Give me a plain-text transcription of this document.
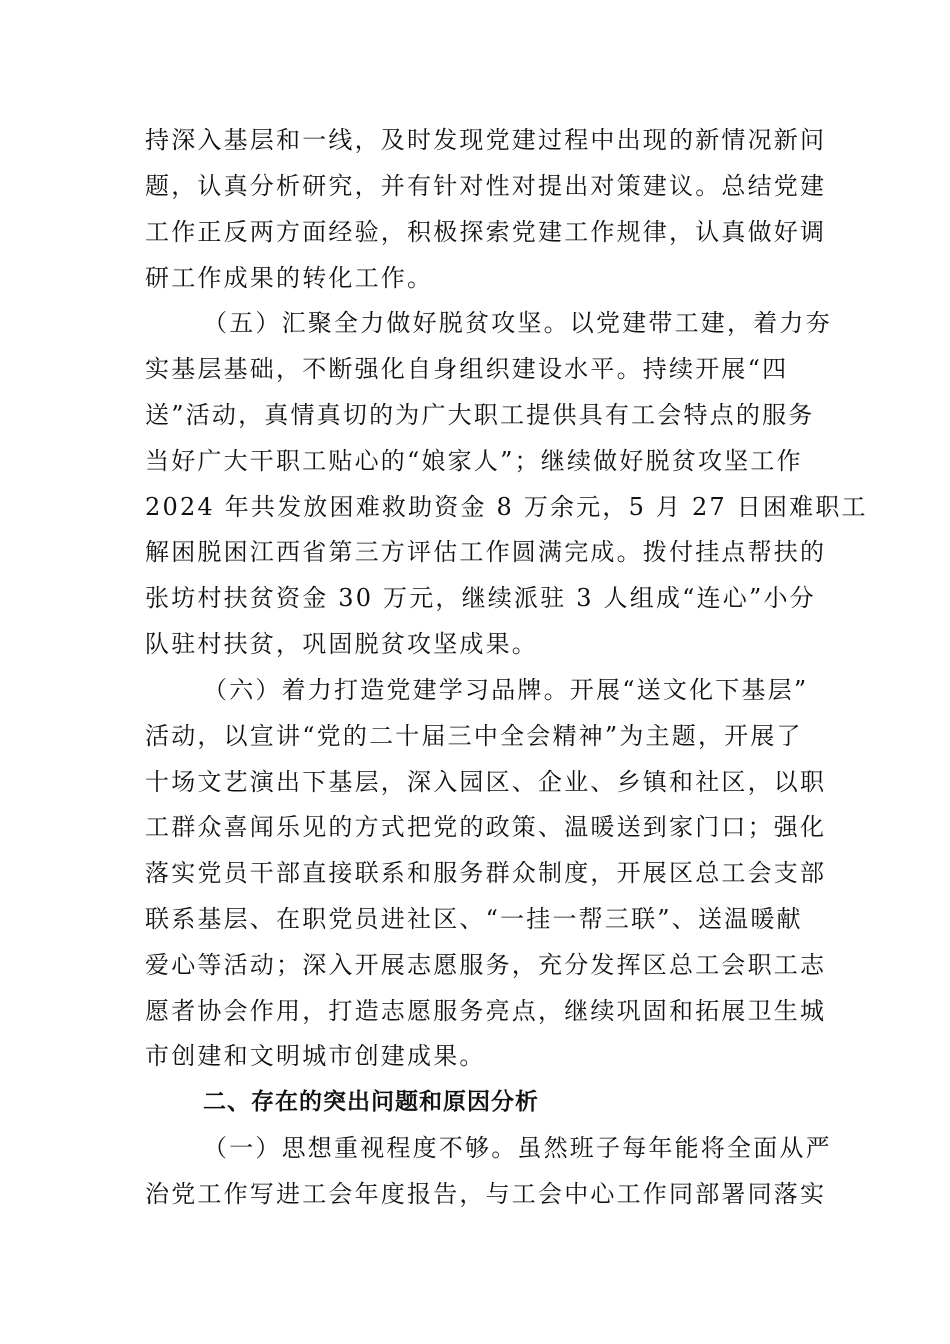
持深入基层和一线，及时发现党建过程中出现的新情况新问
题，认真分析研究，并有针对性对提出对策建议。总结党建
工作正反两方面经验，积极探索党建工作规律，认真做好调
研工作成果的转化工作。
（五）汇聚全力做好脱贫攻坚。以党建带工建，着力夯
实基层基础，不断强化自身组织建设水平。持续开展“四
送”活动，真情真切的为广大职工提供具有工会特点的服务
当好广大干职工贴心的“娘家人”；继续做好脱贫攻坚工作
2024 年共发放困难救助资金 8 万余元，5 月 27 日困难职工
解困脱困江西省第三方评估工作圆满完成。拨付挂点帮扶的
张坊村扶贫资金 30 万元，继续派驻 3 人组成“连心”小分
队驻村扶贫，巩固脱贫攻坚成果。
（六）着力打造党建学习品牌。开展“送文化下基层”
活动，以宣讲“党的二十届三中全会精神”为主题，开展了
十场文艺演出下基层，深入园区、企业、乡镇和社区，以职
工群众喜闻乐见的方式把党的政策、温暖送到家门口；强化
落实党员干部直接联系和服务群众制度，开展区总工会支部
联系基层、在职党员进社区、“一挂一帮三联”、送温暖献
爱心等活动；深入开展志愿服务，充分发挥区总工会职工志
愿者协会作用，打造志愿服务亮点，继续巩固和拓展卫生城
市创建和文明城市创建成果。
二、存在的突出问题和原因分析
（一）思想重视程度不够。虽然班子每年能将全面从严
治党工作写进工会年度报告，与工会中心工作同部署同落实
